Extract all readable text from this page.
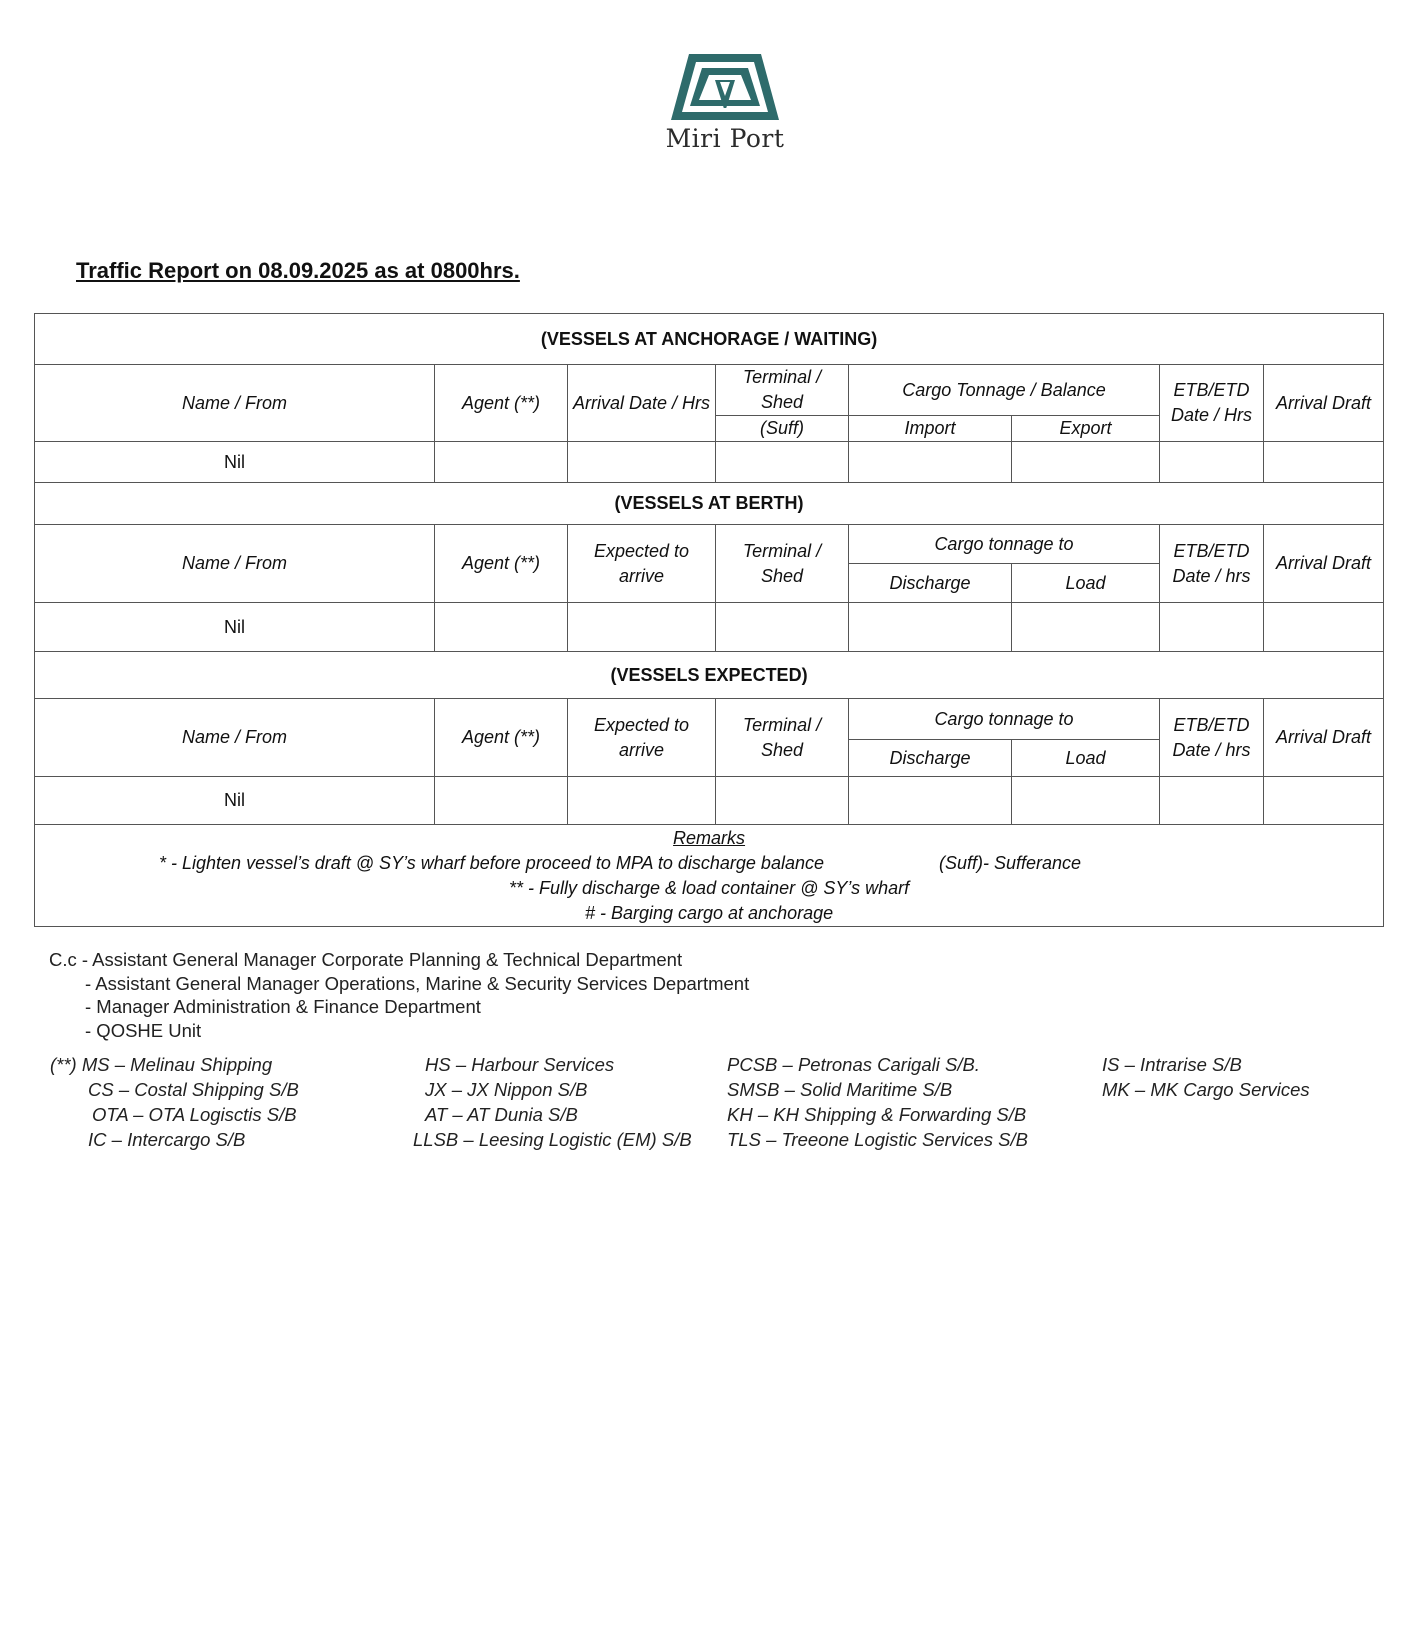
Miri Port
Traffic Report on 08.09.2025 as at 0800hrs.
(VESSELS AT ANCHORAGE / WAITING)							
Name / From	Agent (**)	Arrival Date / Hrs	Terminal / Shed	Cargo Tonnage / Balance		ETB/ETD Date / Hrs	Arrival Draft
			(Suff)	Import	Export		
Nil							
(VESSELS AT BERTH)							
Name / From	Agent (**)	Expected to arrive	Terminal / Shed	Cargo tonnage to		ETB/ETD Date / hrs	Arrival Draft
				Discharge	Load		
Nil							
(VESSELS EXPECTED)							
Name / From	Agent (**)	Expected to arrive	Terminal / Shed	Cargo tonnage to		ETB/ETD Date / hrs	Arrival Draft
				Discharge	Load		
Nil							

Remarks
* - Lighten vessel’s draft @ SY’s wharf before proceed to MPA to discharge balance (Suff)- Sufferance
** - Fully discharge & load container @ SY’s wharf
# - Barging cargo at anchorage							
C.c - Assistant General Manager Corporate Planning & Technical Department
- Assistant General Manager Operations, Marine & Security Services Department
- Manager Administration & Finance Department
- QOSHE Unit
(**) MS – Melinau Shipping
CS – Costal Shipping S/B
OTA – OTA Logisctis S/B
IC – Intercargo S/B
HS – Harbour Services
JX – JX Nippon S/B
AT – AT Dunia S/B
LLSB – Leesing Logistic (EM) S/B
PCSB – Petronas Carigali S/B.
SMSB – Solid Maritime S/B
KH – KH Shipping & Forwarding S/B
TLS – Treeone Logistic Services S/B
IS – Intrarise S/B
MK – MK Cargo Services
